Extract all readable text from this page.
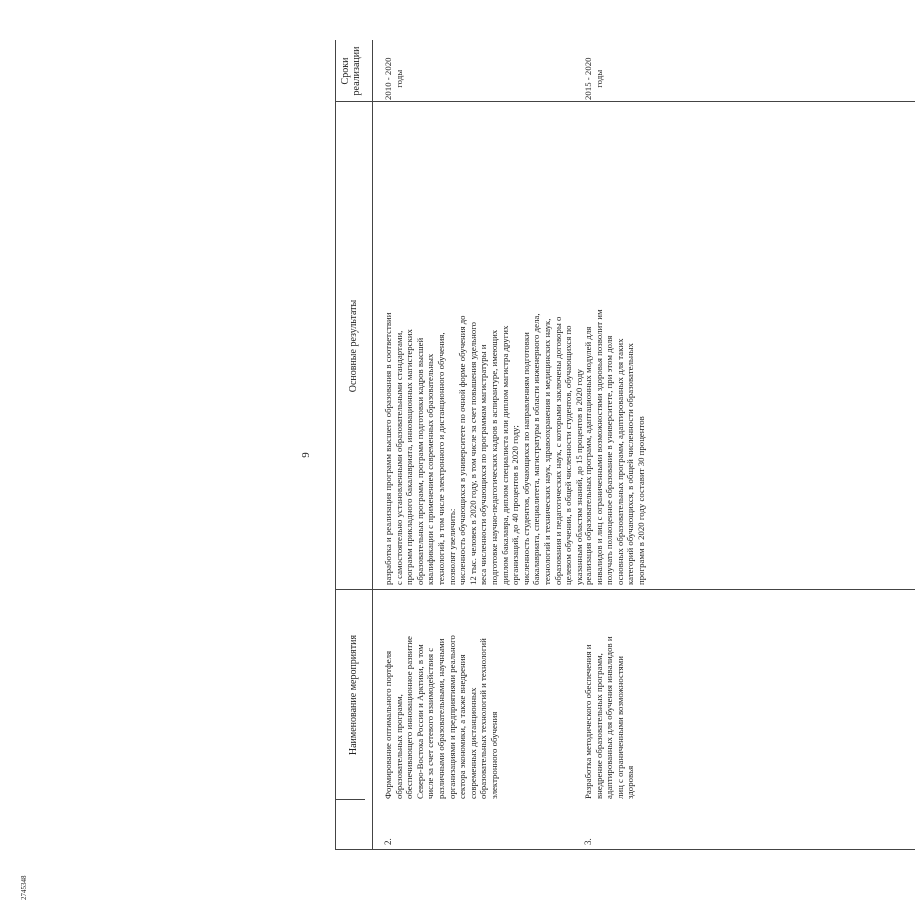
9
Наименование мероприятия
Основные результаты
Сроки
реализации
2.
Формирование оптимального портфеля
образовательных программ,
обеспечивающего инновационное развитие
Северо-Востока России и Арктики, в том
числе за счет сетевого взаимодействия с
различными образовательными, научными
организациями и предприятиями реального
сектора экономики, а также внедрения
современных дистанционных
образовательных технологий и технологий
электронного обучения
разработка и реализация программ высшего образования в соответствии
с самостоятельно установленными образовательными стандартами,
программ прикладного бакалавриата, инновационных магистерских
образовательных программ, программ подготовки кадров высшей
квалификации с применением современных образовательных
технологий, в том числе электронного и дистанционного обучения,
позволят увеличить:
численность обучающихся в университете по очной форме обучения до
12 тыс. человек в 2020 году, в том числе за счет повышения удельного
веса численности обучающихся по программам магистратуры и
подготовке научно-педагогических кадров в аспирантуре, имеющих
диплом бакалавра, диплом специалиста или диплом магистра других
организаций, до 40 процентов в 2020 году;
численность студентов, обучающихся по направлениям подготовки
бакалавриата, специалитета, магистратуры в области инженерного дела,
технологий и технических наук, здравоохранения и медицинских наук,
образования и педагогических наук, с которыми заключены договоры о
целевом обучении, в общей численности студентов, обучающихся по
указанным областям знаний, до 15 процентов в 2020 году
2010 - 2020
годы
3.
Разработка методического обеспечения и
внедрение образовательных программ,
адаптированных для обучения инвалидов и
лиц с ограниченными возможностями
здоровья
реализация образовательных программ, адаптационных модулей для
инвалидов и лиц с ограниченными возможностями здоровья позволит им
получать полноценное образование в университете, при этом доля
основных образовательных программ, адаптированных для таких
категорий обучающихся, в общей численности образовательных
программ в 2020 году составит 30 процентов
2015 - 2020
годы
2745348
